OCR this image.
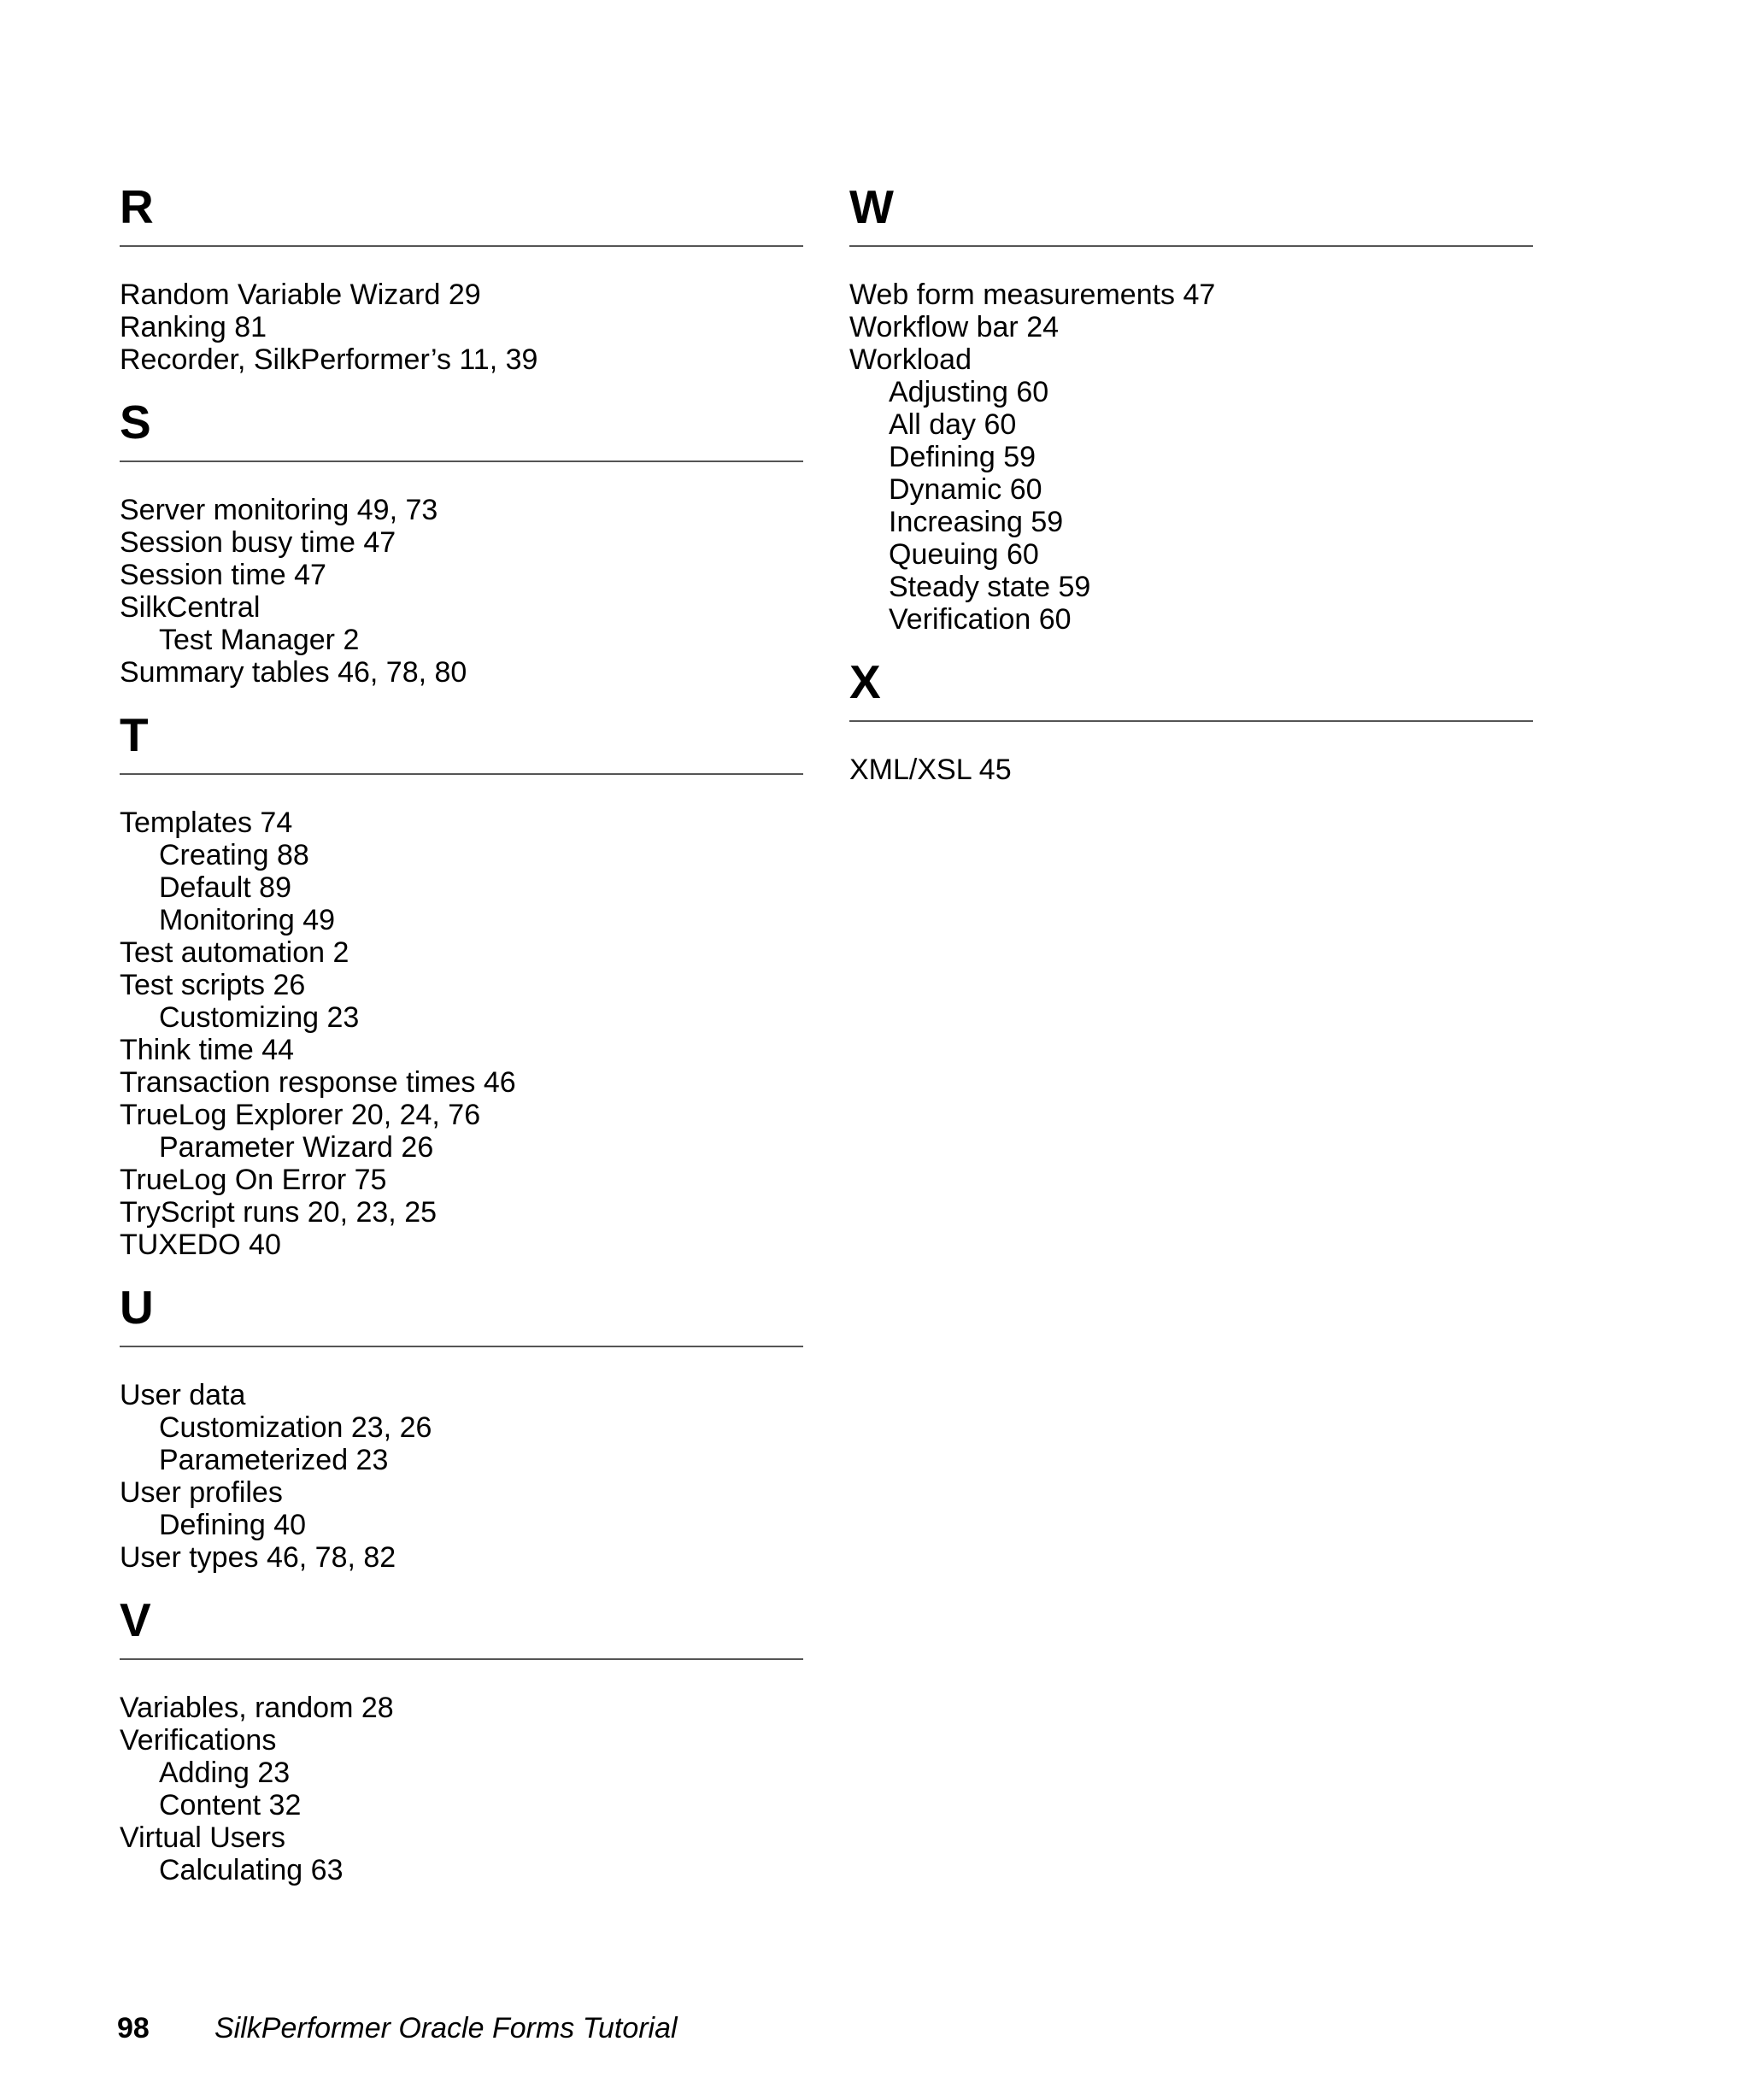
R
Random Variable Wizard 29
Ranking 81
Recorder, SilkPerformer’s 11, 39
S
Server monitoring 49, 73
Session busy time 47
Session time 47
SilkCentral
Test Manager 2
Summary tables 46, 78, 80
T
Templates 74
Creating 88
Default 89
Monitoring 49
Test automation 2
Test scripts 26
Customizing 23
Think time 44
Transaction response times 46
TrueLog Explorer 20, 24, 76
Parameter Wizard 26
TrueLog On Error 75
TryScript runs 20, 23, 25
TUXEDO 40
U
User data
Customization 23, 26
Parameterized 23
User profiles
Defining 40
User types 46, 78, 82
V
Variables, random 28
Verifications
Adding 23
Content 32
Virtual Users
Calculating 63
W
Web form measurements 47
Workflow bar 24
Workload
Adjusting 60
All day 60
Defining 59
Dynamic 60
Increasing 59
Queuing 60
Steady state 59
Verification 60
X
XML/XSL 45
98 SilkPerformer Oracle Forms Tutorial
